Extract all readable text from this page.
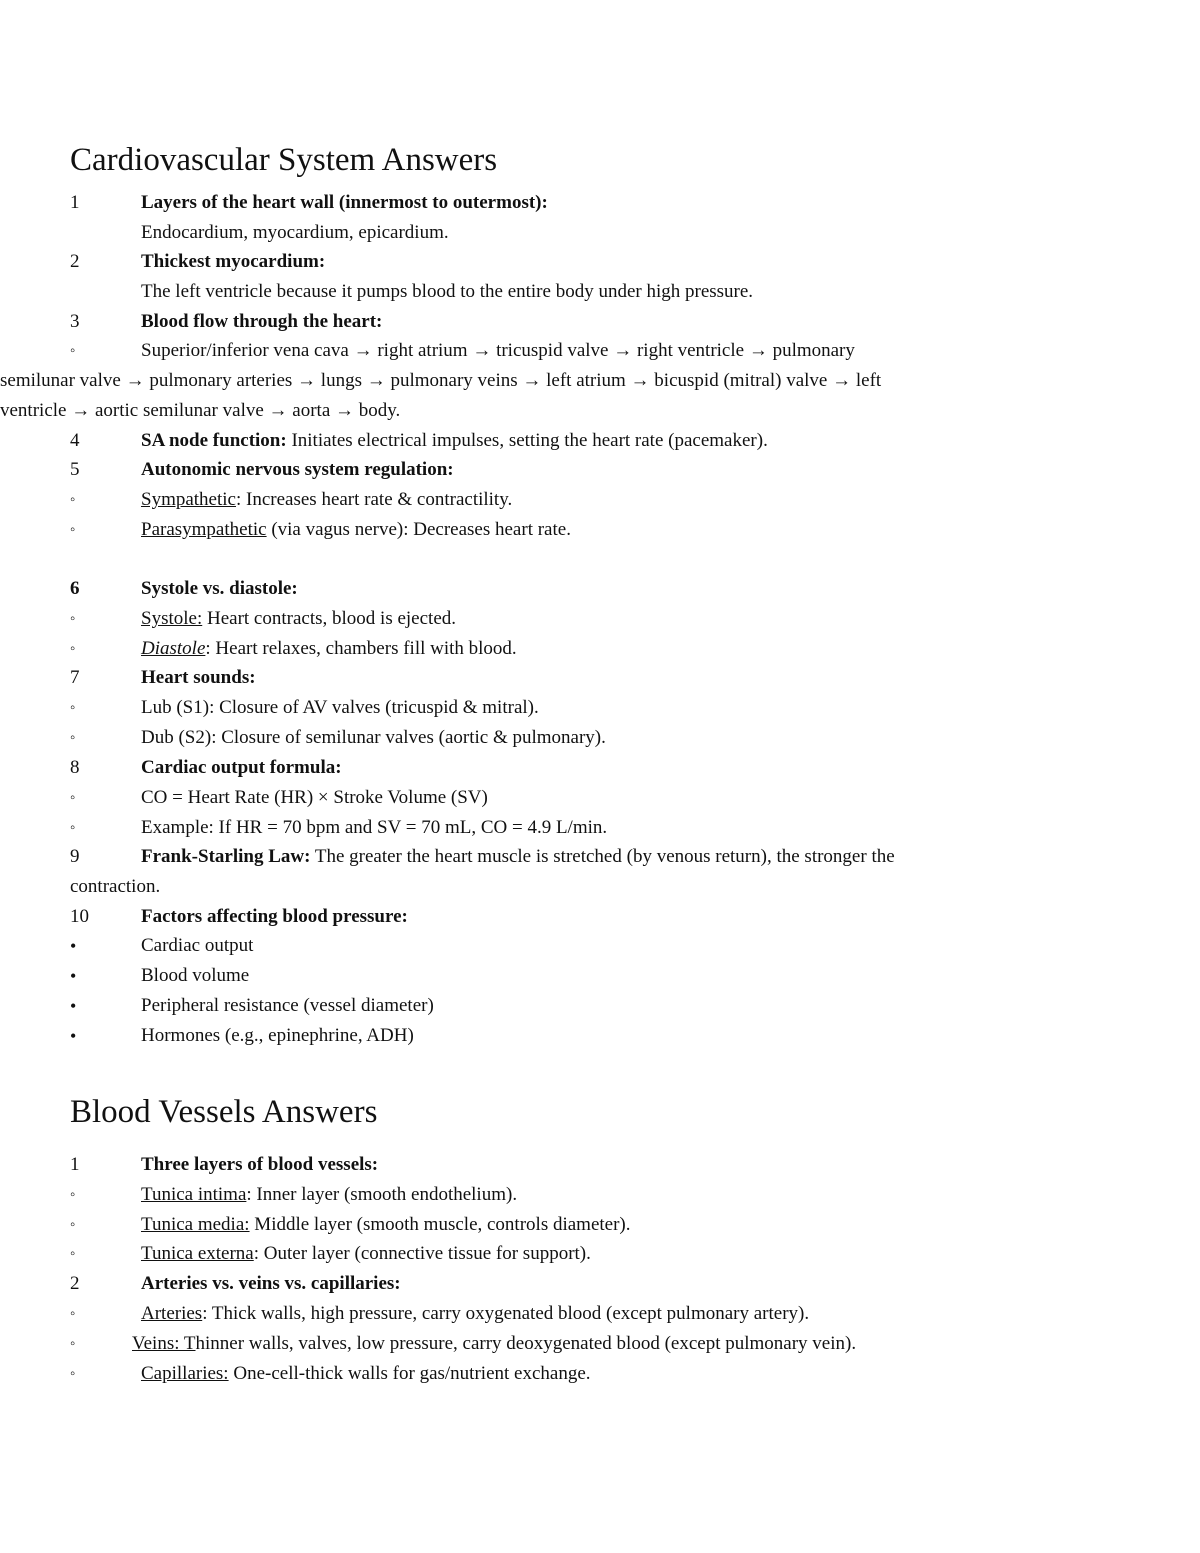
Cardiovascular System Answers
1	Layers of the heart wall (innermost to outermost):
Endocardium, myocardium, epicardium.
2	Thickest myocardium:
The left ventricle because it pumps blood to the entire body under high pressure.
3	Blood flow through the heart:
◦	Superior/inferior vena cava → right atrium → tricuspid valve → right ventricle → pulmonary
semilunar valve → pulmonary arteries → lungs → pulmonary veins → left atrium → bicuspid (mitral) valve → left
ventricle → aortic semilunar valve → aorta → body.
4	SA node function: Initiates electrical impulses, setting the heart rate (pacemaker).
5	Autonomic nervous system regulation:
◦	Sympathetic: Increases heart rate & contractility.
◦	Parasympathetic (via vagus nerve): Decreases heart rate.
6	Systole vs. diastole:
◦	Systole: Heart contracts, blood is ejected.
◦	Diastole: Heart relaxes, chambers fill with blood.
7	Heart sounds:
◦	Lub (S1): Closure of AV valves (tricuspid & mitral).
◦	Dub (S2): Closure of semilunar valves (aortic & pulmonary).
8	Cardiac output formula:
◦	CO = Heart Rate (HR) × Stroke Volume (SV)
◦	Example: If HR = 70 bpm and SV = 70 mL, CO = 4.9 L/min.
9	Frank-Starling Law: The greater the heart muscle is stretched (by venous return), the stronger the
contraction.
10	Factors affecting blood pressure:
•	Cardiac output
•	Blood volume
•	Peripheral resistance (vessel diameter)
•	Hormones (e.g., epinephrine, ADH)
Blood Vessels Answers
1	Three layers of blood vessels:
◦	Tunica intima: Inner layer (smooth endothelium).
◦	Tunica media: Middle layer (smooth muscle, controls diameter).
◦	Tunica externa: Outer layer (connective tissue for support).
2	Arteries vs. veins vs. capillaries:
◦	Arteries: Thick walls, high pressure, carry oxygenated blood (except pulmonary artery).
◦	Veins: Thinner walls, valves, low pressure, carry deoxygenated blood (except pulmonary vein).
◦	Capillaries: One-cell-thick walls for gas/nutrient exchange.
